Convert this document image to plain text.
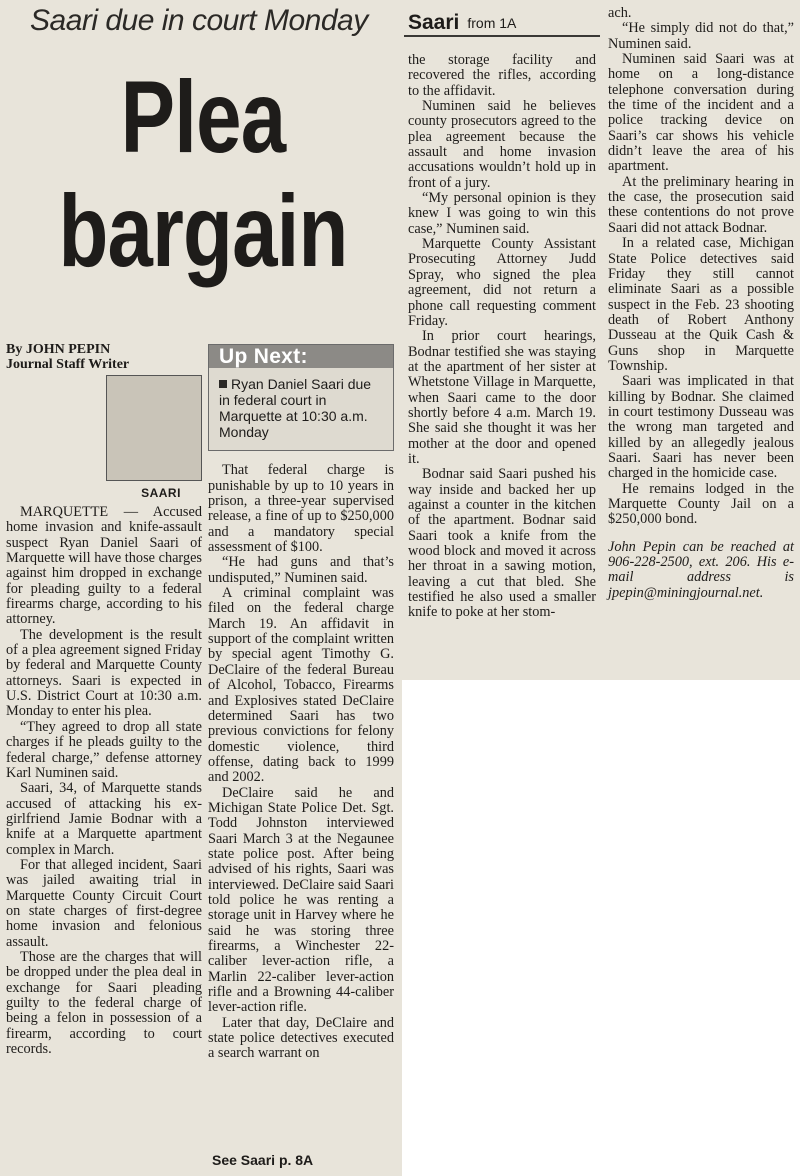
Saari due in court Monday
Plea
bargain

By JOHN PEPIN

Journal Staff Writer

SAARI
MARQUETTE — Accused home invasion and knife-assault suspect Ryan Daniel Saari of Marquette will have those charges against him dropped in exchange for pleading guilty to a federal firearms charge, according to his attorney.

The development is the result of a plea agreement signed Friday by federal and Marquette County attorneys. Saari is expected in U.S. District Court at 10:30 a.m. Monday to enter his plea.

“They agreed to drop all state charges if he pleads guilty to the federal charge,” defense attorney Karl Numinen said.

Saari, 34, of Marquette stands accused of attacking his ex-girlfriend Jamie Bodnar with a knife at a Marquette apartment complex in March.

For that alleged incident, Saari was jailed awaiting trial in Marquette County Circuit Court on state charges of first-degree home invasion and felonious assault.

Those are the charges that will be dropped under the plea deal in exchange for Saari pleading guilty to the federal charge of being a felon in possession of a firearm, according to court records.

Up Next:
Ryan Daniel Saari due in federal court in Marquette at 10:30 a.m. Monday

That federal charge is punishable by up to 10 years in prison, a three-year supervised release, a fine of up to $250,000 and a mandatory special assessment of $100.

“He had guns and that’s undisputed,” Numinen said.

A criminal complaint was filed on the federal charge March 19. An affidavit in support of the complaint written by special agent Timothy G. DeClaire of the federal Bureau of Alcohol, Tobacco, Firearms and Explosives stated DeClaire determined Saari has two previous convictions for felony domestic violence, third offense, dating back to 1999 and 2002.

DeClaire said he and Michigan State Police Det. Sgt. Todd Johnston interviewed Saari March 3 at the Negaunee state police post. After being advised of his rights, Saari was interviewed. DeClaire said Saari told police he was renting a storage unit in Harvey where he said he was storing three firearms, a Winchester 22-caliber lever-action rifle, a Marlin 22-caliber lever-action rifle and a Browning 44-caliber lever-action rifle.

Later that day, DeClaire and state police detectives executed a search warrant on

See Saari p. 8A
Saari from 1A

the storage facility and recovered the rifles, according to the affidavit.

Numinen said he believes county prosecutors agreed to the plea agreement because the assault and home invasion accusations wouldn’t hold up in front of a jury.

“My personal opinion is they knew I was going to win this case,” Numinen said.

Marquette County Assistant Prosecuting Attorney Judd Spray, who signed the plea agreement, did not return a phone call requesting comment Friday.

In prior court hearings, Bodnar testified she was staying at the apartment of her sister at Whetstone Village in Marquette, when Saari came to the door shortly before 4 a.m. March 19. She said she thought it was her mother at the door and opened it.

Bodnar said Saari pushed his way inside and backed her up against a counter in the kitchen of the apartment. Bodnar said Saari took a knife from the wood block and moved it across her throat in a sawing motion, leaving a cut that bled. She testified he also used a smaller knife to poke at her stom-

ach.

“He simply did not do that,” Numinen said.

Numinen said Saari was at home on a long-distance telephone conversation during the time of the incident and a police tracking device on Saari’s car shows his vehicle didn’t leave the area of his apartment.

At the preliminary hearing in the case, the prosecution said these contentions do not prove Saari did not attack Bodnar.

In a related case, Michigan State Police detectives said Friday they still cannot eliminate Saari as a possible suspect in the Feb. 23 shooting death of Robert Anthony Dusseau at the Quik Cash & Guns shop in Marquette Township.

Saari was implicated in that killing by Bodnar. She claimed in court testimony Dusseau was the wrong man targeted and killed by an allegedly jealous Saari. Saari has never been charged in the homicide case.

He remains lodged in the Marquette County Jail on a $250,000 bond.

John Pepin can be reached at 906-228-2500, ext. 206. His e-mail address is jpepin@miningjournal.net.
